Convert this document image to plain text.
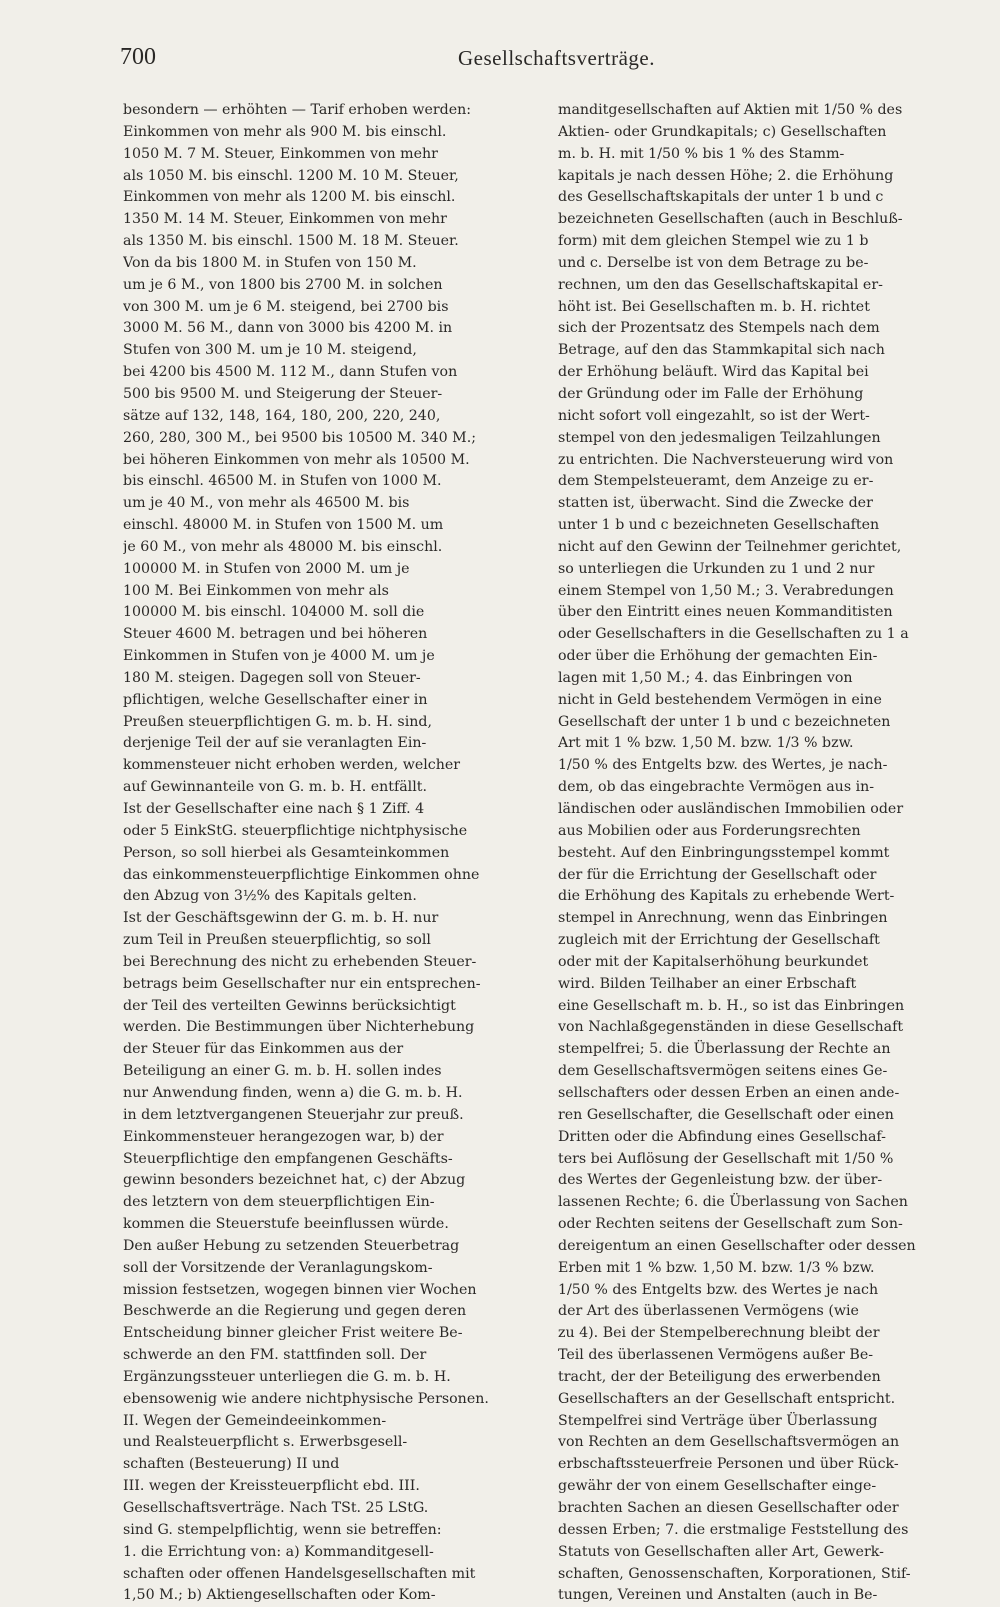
700	Gesellschaftsverträge.
besondern — erhöhten — Tarif erhoben werden:
Einkommen von mehr als 900 M. bis einschl.
1050 M. 7 M. Steuer, Einkommen von mehr
als 1050 M. bis einschl. 1200 M. 10 M. Steuer,
Einkommen von mehr als 1200 M. bis einschl.
1350 M. 14 M. Steuer, Einkommen von mehr
als 1350 M. bis einschl. 1500 M. 18 M. Steuer.
Von da bis 1800 M. in Stufen von 150 M.
um je 6 M., von 1800 bis 2700 M. in solchen
von 300 M. um je 6 M. steigend, bei 2700 bis
3000 M. 56 M., dann von 3000 bis 4200 M. in
Stufen von 300 M. um je 10 M. steigend,
bei 4200 bis 4500 M. 112 M., dann Stufen von
500 bis 9500 M. und Steigerung der Steuer-
sätze auf 132, 148, 164, 180, 200, 220, 240,
260, 280, 300 M., bei 9500 bis 10500 M. 340 M.;
bei höheren Einkommen von mehr als 10500 M.
bis einschl. 46500 M. in Stufen von 1000 M.
um je 40 M., von mehr als 46500 M. bis
einschl. 48000 M. in Stufen von 1500 M. um
je 60 M., von mehr als 48000 M. bis einschl.
100000 M. in Stufen von 2000 M. um je
100 M. Bei Einkommen von mehr als
100000 M. bis einschl. 104000 M. soll die
Steuer 4600 M. betragen und bei höheren
Einkommen in Stufen von je 4000 M. um je
180 M. steigen. Dagegen soll von Steuer-
pflichtigen, welche Gesellschafter einer in
Preußen steuerpflichtigen G. m. b. H. sind,
derjenige Teil der auf sie veranlagten Ein-
kommensteuer nicht erhoben werden, welcher
auf Gewinnanteile von G. m. b. H. entfällt.
Ist der Gesellschafter eine nach § 1 Ziff. 4
oder 5 EinkStG. steuerpflichtige nichtphysische
Person, so soll hierbei als Gesamteinkommen
das einkommensteuerpflichtige Einkommen ohne
den Abzug von 3½% des Kapitals gelten.
Ist der Geschäftsgewinn der G. m. b. H. nur
zum Teil in Preußen steuerpflichtig, so soll
bei Berechnung des nicht zu erhebenden Steuer-
betrags beim Gesellschafter nur ein entsprechen-
der Teil des verteilten Gewinns berücksichtigt
werden. Die Bestimmungen über Nichterhebung
der Steuer für das Einkommen aus der
Beteiligung an einer G. m. b. H. sollen indes
nur Anwendung finden, wenn a) die G. m. b. H.
in dem letztvergangenen Steuerjahr zur preuß.
Einkommensteuer herangezogen war, b) der
Steuerpflichtige den empfangenen Geschäfts-
gewinn besonders bezeichnet hat, c) der Abzug
des letztern von dem steuerpflichtigen Ein-
kommen die Steuerstufe beeinflussen würde.
Den außer Hebung zu setzenden Steuerbetrag
soll der Vorsitzende der Veranlagungskom-
mission festsetzen, wogegen binnen vier Wochen
Beschwerde an die Regierung und gegen deren
Entscheidung binner gleicher Frist weitere Be-
schwerde an den FM. stattfinden soll. Der
Ergänzungssteuer unterliegen die G. m. b. H.
ebensowenig wie andere nichtphysische Personen.
II. Wegen der Gemeindeeinkommen-
und Realsteuerpflicht s. Erwerbsgesell-
schaften (Besteuerung) II und
III. wegen der Kreissteuerpflicht ebd. III.
Gesellschaftsverträge. Nach TSt. 25 LStG.
sind G. stempelpflichtig, wenn sie betreffen:
1. die Errichtung von: a) Kommanditgesell-
schaften oder offenen Handelsgesellschaften mit
1,50 M.; b) Aktiengesellschaften oder Kom-
manditgesellschaften auf Aktien mit 1/50 % des
Aktien- oder Grundkapitals; c) Gesellschaften
m. b. H. mit 1/50 % bis 1 % des Stamm-
kapitals je nach dessen Höhe; 2. die Erhöhung
des Gesellschaftskapitals der unter 1 b und c
bezeichneten Gesellschaften (auch in Beschluß-
form) mit dem gleichen Stempel wie zu 1 b
und c. Derselbe ist von dem Betrage zu be-
rechnen, um den das Gesellschaftskapital er-
höht ist. Bei Gesellschaften m. b. H. richtet
sich der Prozentsatz des Stempels nach dem
Betrage, auf den das Stammkapital sich nach
der Erhöhung beläuft. Wird das Kapital bei
der Gründung oder im Falle der Erhöhung
nicht sofort voll eingezahlt, so ist der Wert-
stempel von den jedesmaligen Teilzahlungen
zu entrichten. Die Nachversteuerung wird von
dem Stempelsteueramt, dem Anzeige zu er-
statten ist, überwacht. Sind die Zwecke der
unter 1 b und c bezeichneten Gesellschaften
nicht auf den Gewinn der Teilnehmer gerichtet,
so unterliegen die Urkunden zu 1 und 2 nur
einem Stempel von 1,50 M.; 3. Verabredungen
über den Eintritt eines neuen Kommanditisten
oder Gesellschafters in die Gesellschaften zu 1 a
oder über die Erhöhung der gemachten Ein-
lagen mit 1,50 M.; 4. das Einbringen von
nicht in Geld bestehendem Vermögen in eine
Gesellschaft der unter 1 b und c bezeichneten
Art mit 1 % bzw. 1,50 M. bzw. 1/3 % bzw.
1/50 % des Entgelts bzw. des Wertes, je nach-
dem, ob das eingebrachte Vermögen aus in-
ländischen oder ausländischen Immobilien oder
aus Mobilien oder aus Forderungsrechten
besteht. Auf den Einbringungsstempel kommt
der für die Errichtung der Gesellschaft oder
die Erhöhung des Kapitals zu erhebende Wert-
stempel in Anrechnung, wenn das Einbringen
zugleich mit der Errichtung der Gesellschaft
oder mit der Kapitalserhöhung beurkundet
wird. Bilden Teilhaber an einer Erbschaft
eine Gesellschaft m. b. H., so ist das Einbringen
von Nachlaßgegenständen in diese Gesellschaft
stempelfrei; 5. die Überlassung der Rechte an
dem Gesellschaftsvermögen seitens eines Ge-
sellschafters oder dessen Erben an einen ande-
ren Gesellschafter, die Gesellschaft oder einen
Dritten oder die Abfindung eines Gesellschaf-
ters bei Auflösung der Gesellschaft mit 1/50 %
des Wertes der Gegenleistung bzw. der über-
lassenen Rechte; 6. die Überlassung von Sachen
oder Rechten seitens der Gesellschaft zum Son-
dereigentum an einen Gesellschafter oder dessen
Erben mit 1 % bzw. 1,50 M. bzw. 1/3 % bzw.
1/50 % des Entgelts bzw. des Wertes je nach
der Art des überlassenen Vermögens (wie
zu 4). Bei der Stempelberechnung bleibt der
Teil des überlassenen Vermögens außer Be-
tracht, der der Beteiligung des erwerbenden
Gesellschafters an der Gesellschaft entspricht.
Stempelfrei sind Verträge über Überlassung
von Rechten an dem Gesellschaftsvermögen an
erbschaftssteuerfreie Personen und über Rück-
gewähr der von einem Gesellschafter einge-
brachten Sachen an diesen Gesellschafter oder
dessen Erben; 7. die erstmalige Feststellung des
Statuts von Gesellschaften aller Art, Gewerk-
schaften, Genossenschaften, Korporationen, Stif-
tungen, Vereinen und Anstalten (auch in Be-
